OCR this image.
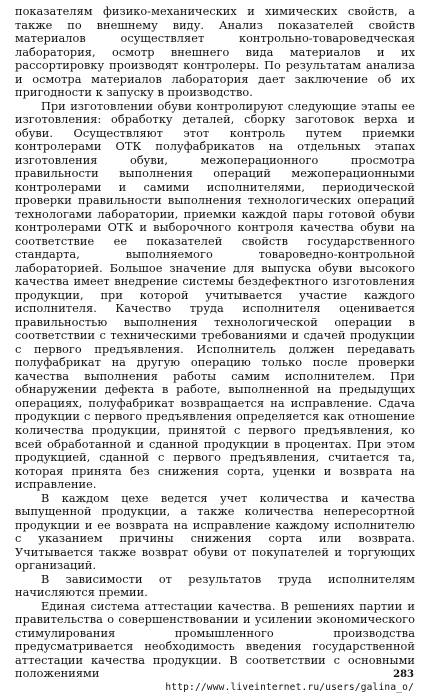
показателям физико-механических и химических свойств, а также по внешнему виду. Анализ показателей свойств материалов осуществляет контрольно-товароведческая лаборатория, осмотр внешнего вида материалов и их рассортировку производят контролеры. По результатам анализа и осмотра материалов лаборатория дает заключение об их пригодности к запуску в производство.

При изготовлении обуви контролируют следующие этапы ее изготовления: обработку деталей, сборку заготовок верха и обуви. Осуществляют этот контроль путем приемки контролерами ОТК полуфабрикатов на отдельных этапах изготовления обуви, межоперационного просмотра правильности выполнения операций межоперационными контролерами и самими исполнителями, периодической проверки правильности выполнения технологических операций технологами лаборатории, приемки каждой пары готовой обуви контролерами ОТК и выборочного контроля качества обуви на соответствие ее показателей свойств государственного стандарта, выполняемого товароведно-контрольной лабораторией. Большое значение для выпуска обуви высокого качества имеет внедрение системы бездефектного изготовления продукции, при которой учитывается участие каждого исполнителя. Качество труда исполнителя оценивается правильностью выполнения технологической операции в соответствии с техническими требованиями и сдачей продукции с первого предъявления. Исполнитель должен передавать полуфабрикат на другую операцию только после проверки качества выполнения работы самим исполнителем. При обнаружении дефекта в работе, выполненной на предыдущих операциях, полуфабрикат возвращается на исправление. Сдача продукции с первого предъявления определяется как отношение количества продукции, принятой с первого предъявления, ко всей обработанной и сданной продукции в процентах. При этом продукцией, сданной с первого предъявления, считается та, которая принята без снижения сорта, уценки и возврата на исправление.

В каждом цехе ведется учет количества и качества выпущенной продукции, а также количества непересортной продукции и ее возврата на исправление каждому исполнителю с указанием причины снижения сорта или возврата. Учитывается также возврат обуви от покупателей и торгующих организаций.

В зависимости от результатов труда исполнителям начисляются премии.

Единая система аттестации качества. В решениях партии и правительства о совершенствовании и усилении экономического стимулирования промышленного производства предусматривается необходимость введения государственной аттестации качества продукции. В соответствии с основными положениями	283
http://www.liveinternet.ru/users/galina_o/
